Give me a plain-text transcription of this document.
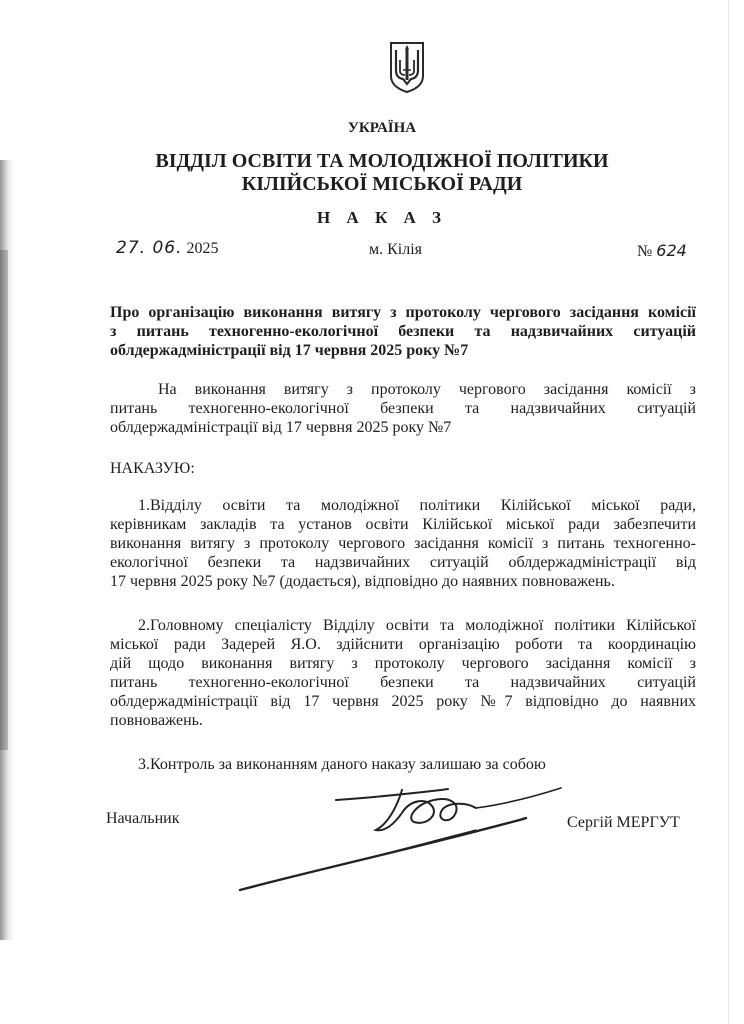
УКРАЇНА
ВІДДІЛ ОСВІТИ ТА МОЛОДІЖНОЇ ПОЛІТИКИ
КІЛІЙСЬКОЇ МІСЬКОЇ РАДИ
Н А К А З
27. 06. 2025	м. Кілія	№ 624
Про організацію виконання витягу з протоколу чергового засідання комісії
з питань техногенно-екологічної безпеки та надзвичайних ситуацій
облдержадміністрації від 17 червня 2025 року №7
На виконання витягу з протоколу чергового засідання комісії з
питань техногенно-екологічної безпеки та надзвичайних ситуацій
облдержадміністрації від 17 червня 2025 року №7
НАКАЗУЮ:
1.Відділу освіти та молодіжної політики Кілійської міської ради,
керівникам закладів та установ освіти Кілійської міської ради забезпечити
виконання витягу з протоколу чергового засідання комісії з питань техногенно-
екологічної безпеки та надзвичайних ситуацій облдержадміністрації від
17 червня 2025 року №7 (додається), відповідно до наявних повноважень.
2.Головному спеціалісту Відділу освіти та молодіжної політики Кілійської
міської ради Задерей Я.О. здійснити організацію роботи та координацію
дій щодо виконання витягу з протоколу чергового засідання комісії з
питань техногенно-екологічної безпеки та надзвичайних ситуацій
облдержадміністрації від 17 червня 2025 року №7 відповідно до наявних
повноважень.
3.Контроль за виконанням даного наказу залишаю за собою
Начальник	Сергій МЕРГУТ
